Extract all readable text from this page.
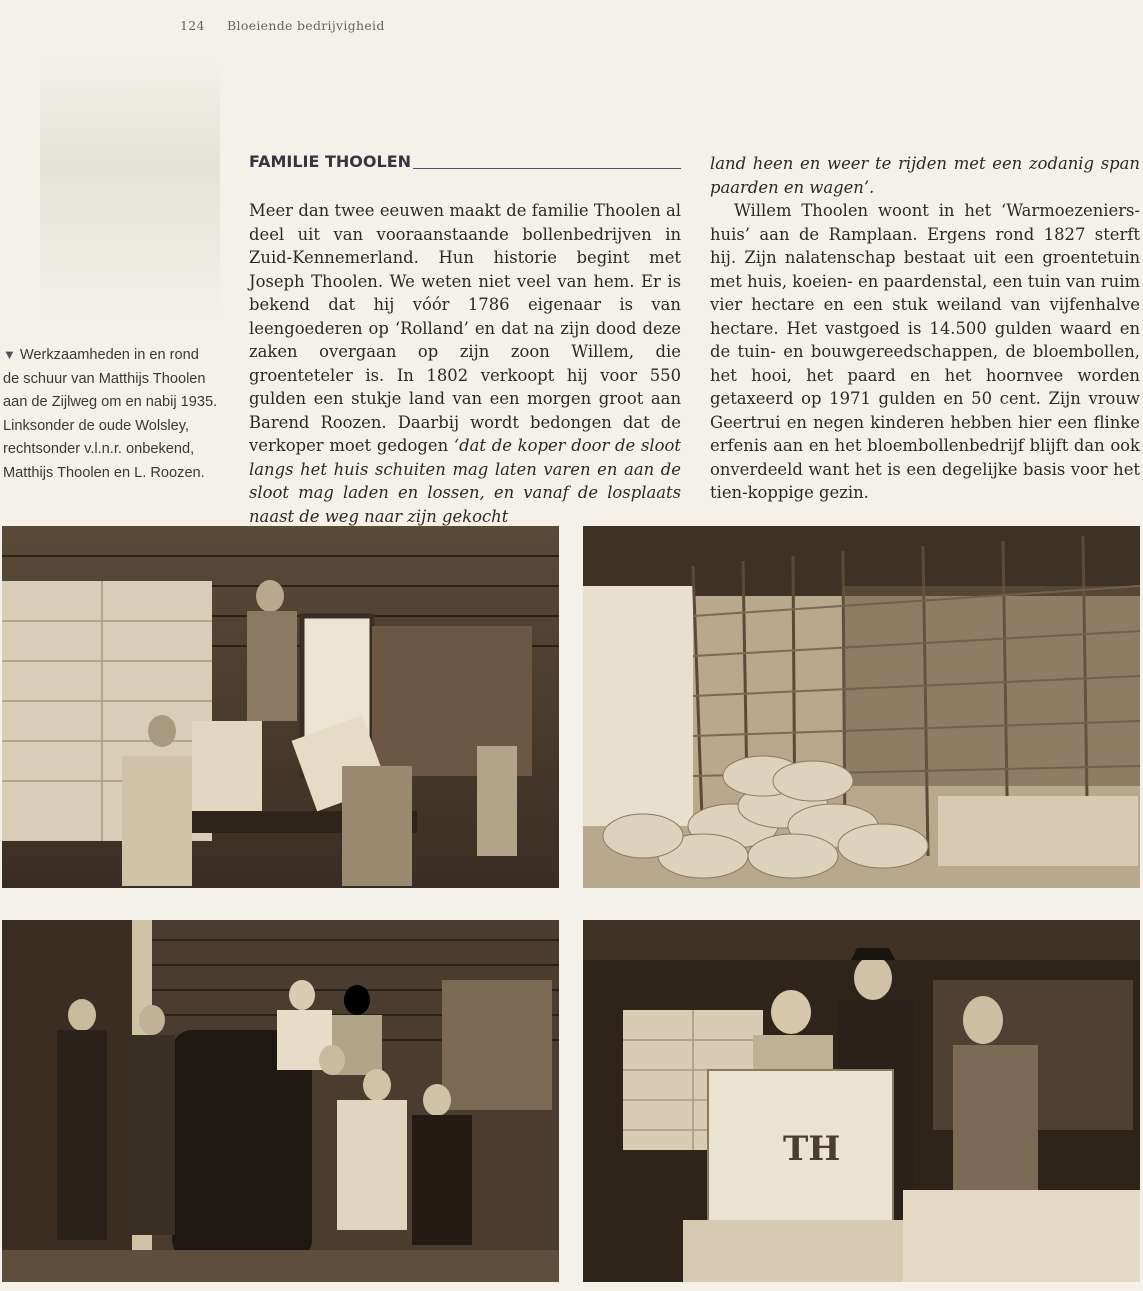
124 Bloeiende bedrijvigheid
FAMILIE THOOLEN

Meer dan twee eeuwen maakt de familie Thoolen al deel uit van vooraanstaande bollenbedrijven in Zuid-Kennemerland. Hun historie begint met Joseph Thoolen. We weten niet veel van hem. Er is bekend dat hij vóór 1786 eigenaar is van leengoederen op ‘Rolland’ en dat na zijn dood deze zaken overgaan op zijn zoon Willem, die groenteteler is. In 1802 verkoopt hij voor 550 gulden een stukje land van een morgen groot aan Barend Roozen. Daarbij wordt bedongen dat de verkoper moet gedogen ‘dat de koper door de sloot langs het huis schuiten mag laten varen en aan de sloot mag laden en lossen, en vanaf de losplaats naast de weg naar zijn gekocht

land heen en weer te rijden met een zodanig span paarden en wagen’.

Willem Thoolen woont in het ‘Warmoezeniers-huis’ aan de Ramplaan. Ergens rond 1827 sterft hij. Zijn nalatenschap bestaat uit een groentetuin met huis, koeien- en paardenstal, een tuin van ruim vier hectare en een stuk weiland van vijfenhalve hectare. Het vastgoed is 14.500 gulden waard en de tuin- en bouwgereedschappen, de bloembollen, het hooi, het paard en het hoornvee worden getaxeerd op 1971 gulden en 50 cent. Zijn vrouw Geertrui en negen kinderen hebben hier een flinke erfenis aan en het bloembollenbedrijf blijft dan ook onverdeeld want het is een degelijke basis voor het tien-koppige gezin.

▼ Werkzaamheden in en rond de schuur van Matthijs Thoolen aan de Zijlweg om en nabij 1935. Linksonder de oude Wolsley, rechtsonder v.l.n.r. onbekend, Matthijs Thoolen en L. Roozen.
TH
